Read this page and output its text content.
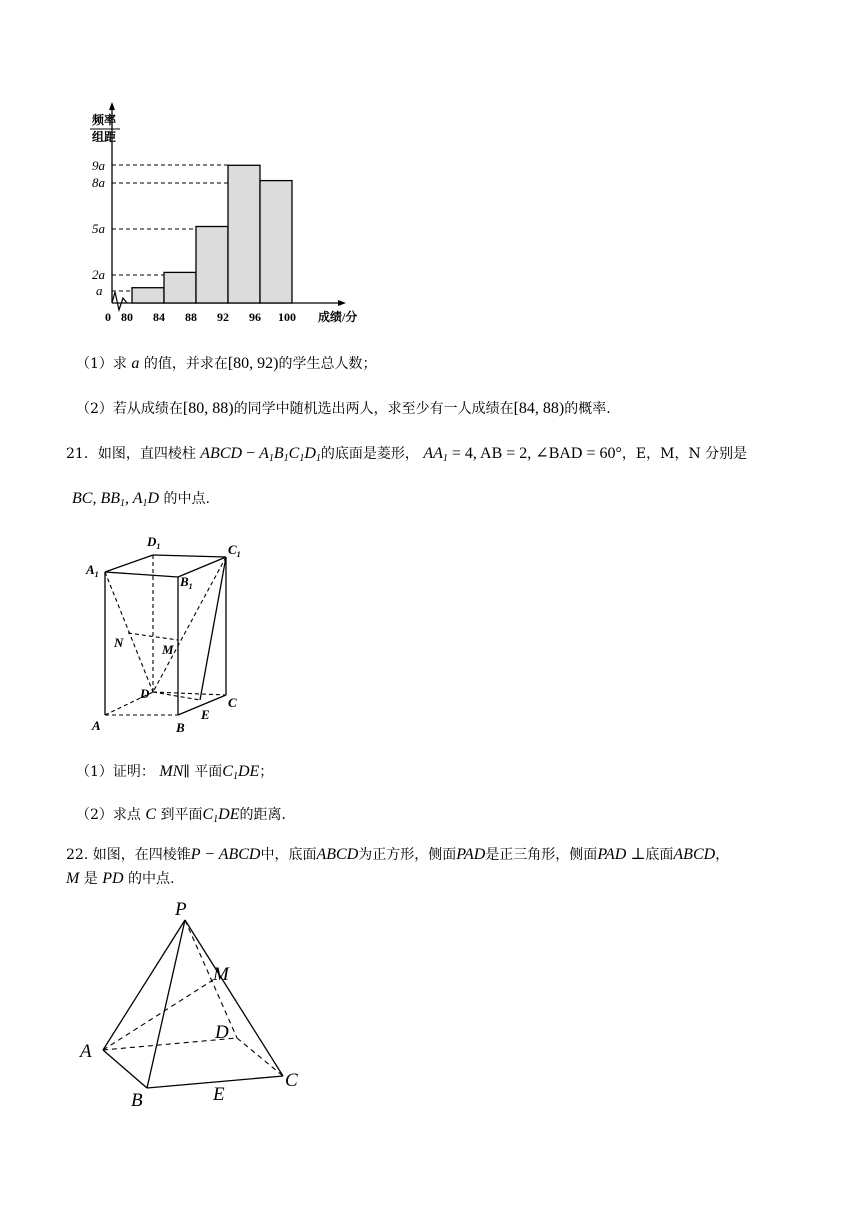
频率
组距
9a
8a
5a
2a
a
0 80 84 88 92 96 100 成绩/分
（1）求 a 的值，并求在[80, 92)的学生总人数；
（2）若从成绩在[80, 88)的同学中随机选出两人，求至少有一人成绩在[84, 88)的概率.
21．如图，直四棱柱 ABCD − $A_1B_1C_1D_1$的底面是菱形， $AA_1 = 4$, AB = 2, ∠BAD = 60°，E，M，N 分别是
BC, $BB_1$, $A_1D$ 的中点.
$D_1$	$C_1$
$A_1$	$B_1$
N	M
D
C
E
A	B
（1）证明： MN∥ 平面$C_1DE$；
（2）求点 C 到平面$C_1DE$的距离.
22. 如图，在四棱锥P − ABCD中，底面ABCD为正方形，侧面PAD是正三角形，侧面PAD ⊥底面ABCD，
M 是 PD 的中点.
P
M
D
A
C
B	E
